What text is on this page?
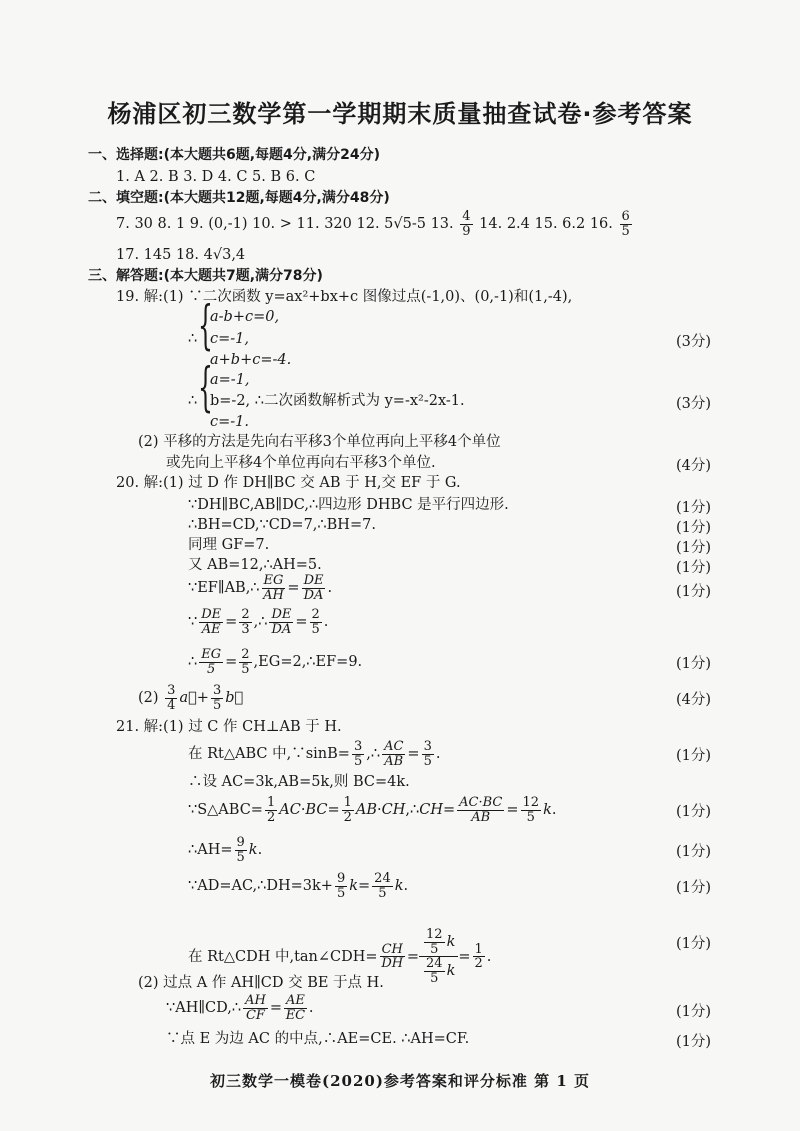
杨浦区初三数学第一学期期末质量抽查试卷·参考答案
一、选择题:(本大题共6题,每题4分,满分24分)
1. A 2. B 3. D 4. C 5. B 6. C
二、填空题:(本大题共12题,每题4分,满分48分)
7. 30 8. 1 9. (0,-1) 10. > 11. 320 12. 5√5-5 13. $\frac{4}{9} 14$. 2.4 15. 6.2 16. $\frac{6}{5}$
17. 145 18. 4√3,4
三、解答题:(本大题共7题,满分78分)
19. 解:(1) ∵二次函数 y=ax²+bx+c 图像过点(-1,0)、(0,-1)和(1,-4),
∴ {
a-b+c=0,
c=-1,
a+b+c=-4.
(3分)
∴ {
a=-1,
b=-2, ∴二次函数解析式为 y=-x²-2x-1.
c=-1.
(3分)
(2) 平移的方法是先向右平移3个单位再向上平移4个单位
或先向上平移4个单位再向右平移3个单位.	(4分)
20. 解:(1) 过 D 作 DH∥BC 交 AB 于 H,交 EF 于 G.
∵DH∥BC,AB∥DC,∴四边形 DHBC 是平行四边形.	(1分)
∴BH=CD,∵CD=7,∴BH=7.	(1分)
同理 GF=7.	(1分)
又 AB=12,∴AH=5.	(1分)
∵EF∥AB,∴ $\frac{EG}{AH} = \frac{DE}{DA}$ .	(1分)
∵ $\frac{DE}{AE} = \frac{2}{3}$ ,∴ $\frac{DE}{DA} = \frac{2}{5}$ .
∴ $\frac{EG}{5} = \frac{2}{5}$ ,EG=2,∴EF=9.	(1分)
$(2) \frac{3}{4}$ a⃗+ $\frac{3}{5}$ b⃗	(4分)
21. 解:(1) 过 C 作 CH⊥AB 于 H.
在 Rt△ABC 中,∵sinB= $\frac{3}{5}$ ,∴ $\frac{AC}{AB} = \frac{3}{5}$ .	(1分)
∴设 AC=3k,AB=5k,则 BC=4k.
∵S△ABC= $\frac{1}{2} AC\cdot BC= \frac{1}{2}$ AB·CH,∴CH= $\frac{AC\cdot BC}{AB} = \frac{12}{5} k$.	(1分)
∴AH= $\frac{9}{5} k$.	(1分)
∵AD=AC,∴DH=3k+ $\frac{9}{5} k= \frac{24}{5} k$.	(1分)
在 Rt△CDH 中,tan∠CDH= $\frac{CH}{DH} = \frac{\frac{12}{5} k}{\frac{24}{5} k} = \frac{1}{2}$ .
(1分)
(2) 过点 A 作 AH∥CD 交 BE 于点 H.
∵AH∥CD,∴ $\frac{AH}{CF} = \frac{AE}{EC}$ .	(1分)
∵点 E 为边 AC 的中点,∴AE=CE. ∴AH=CF.	(1分)
初三数学一模卷(2020)参考答案和评分标准 第 1 页
